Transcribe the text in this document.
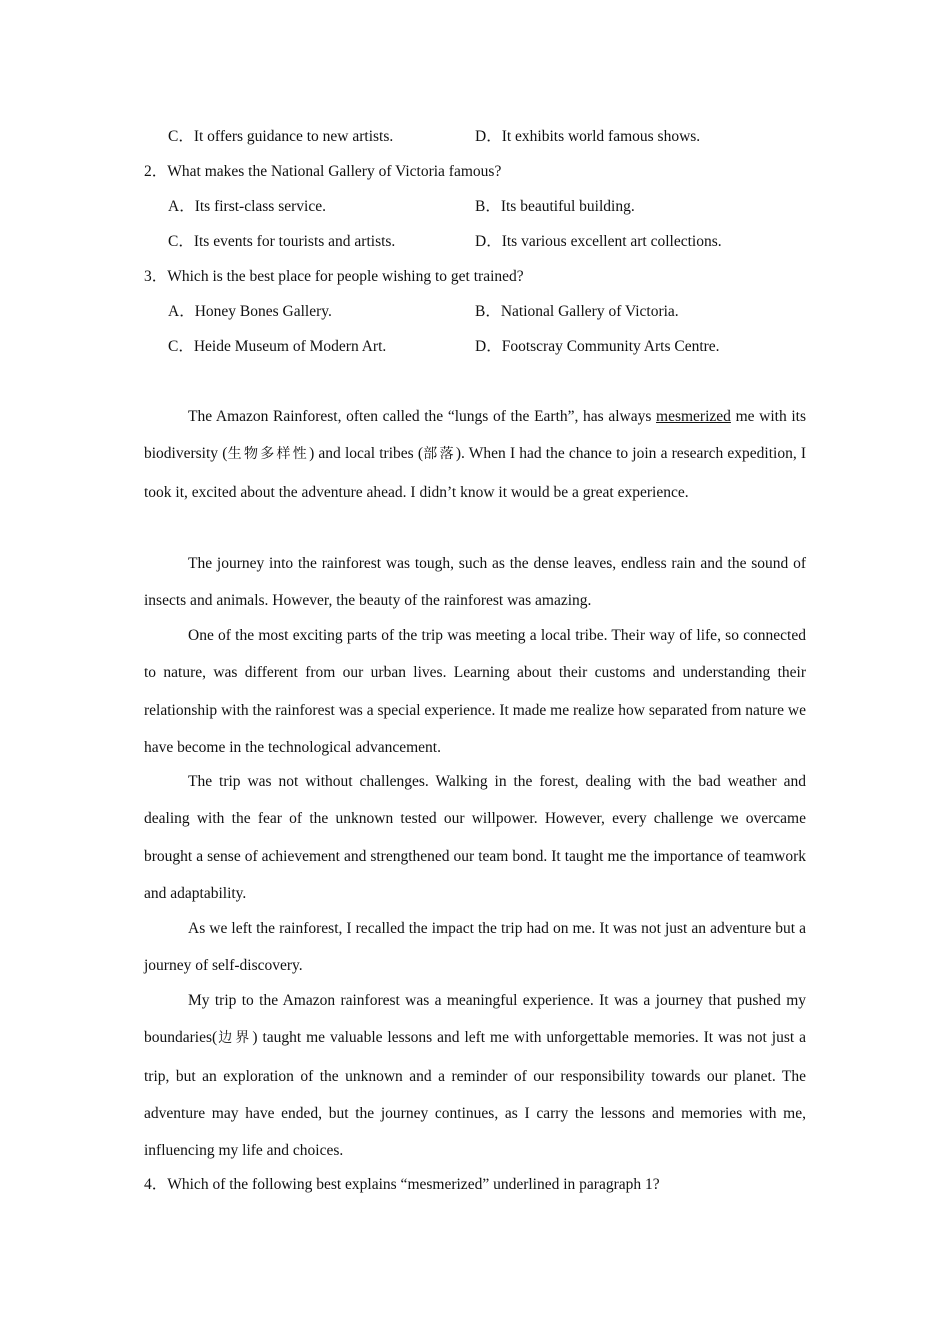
C．It offers guidance to new artists.	D．It exhibits world famous shows.
2．What makes the National Gallery of Victoria famous?
A．Its first-class service.	B．Its beautiful building.
C．Its events for tourists and artists.	D．Its various excellent art collections.
3．Which is the best place for people wishing to get trained?
A．Honey Bones Gallery.	B．National Gallery of Victoria.
C．Heide Museum of Modern Art.	D．Footscray Community Arts Centre.

The Amazon Rainforest, often called the “lungs of the Earth”, has always mesmerized me with its biodiversity (生物多样性) and local tribes (部落). When I had the chance to join a research expedition, I took it, excited about the adventure ahead. I didn’t know it would be a great experience.

The journey into the rainforest was tough, such as the dense leaves, endless rain and the sound of insects and animals. However, the beauty of the rainforest was amazing.

One of the most exciting parts of the trip was meeting a local tribe. Their way of life, so connected to nature, was different from our urban lives. Learning about their customs and understanding their relationship with the rainforest was a special experience. It made me realize how separated from nature we have become in the technological advancement.

The trip was not without challenges. Walking in the forest, dealing with the bad weather and dealing with the fear of the unknown tested our willpower. However, every challenge we overcame brought a sense of achievement and strengthened our team bond. It taught me the importance of teamwork and adaptability.

As we left the rainforest, I recalled the impact the trip had on me. It was not just an adventure but a journey of self-discovery.

My trip to the Amazon rainforest was a meaningful experience. It was a journey that pushed my boundaries(边界) taught me valuable lessons and left me with unforgettable memories. It was not just a trip, but an exploration of the unknown and a reminder of our responsibility towards our planet. The adventure may have ended, but the journey continues, as I carry the lessons and memories with me, influencing my life and choices.

4．Which of the following best explains “mesmerized” underlined in paragraph 1?
